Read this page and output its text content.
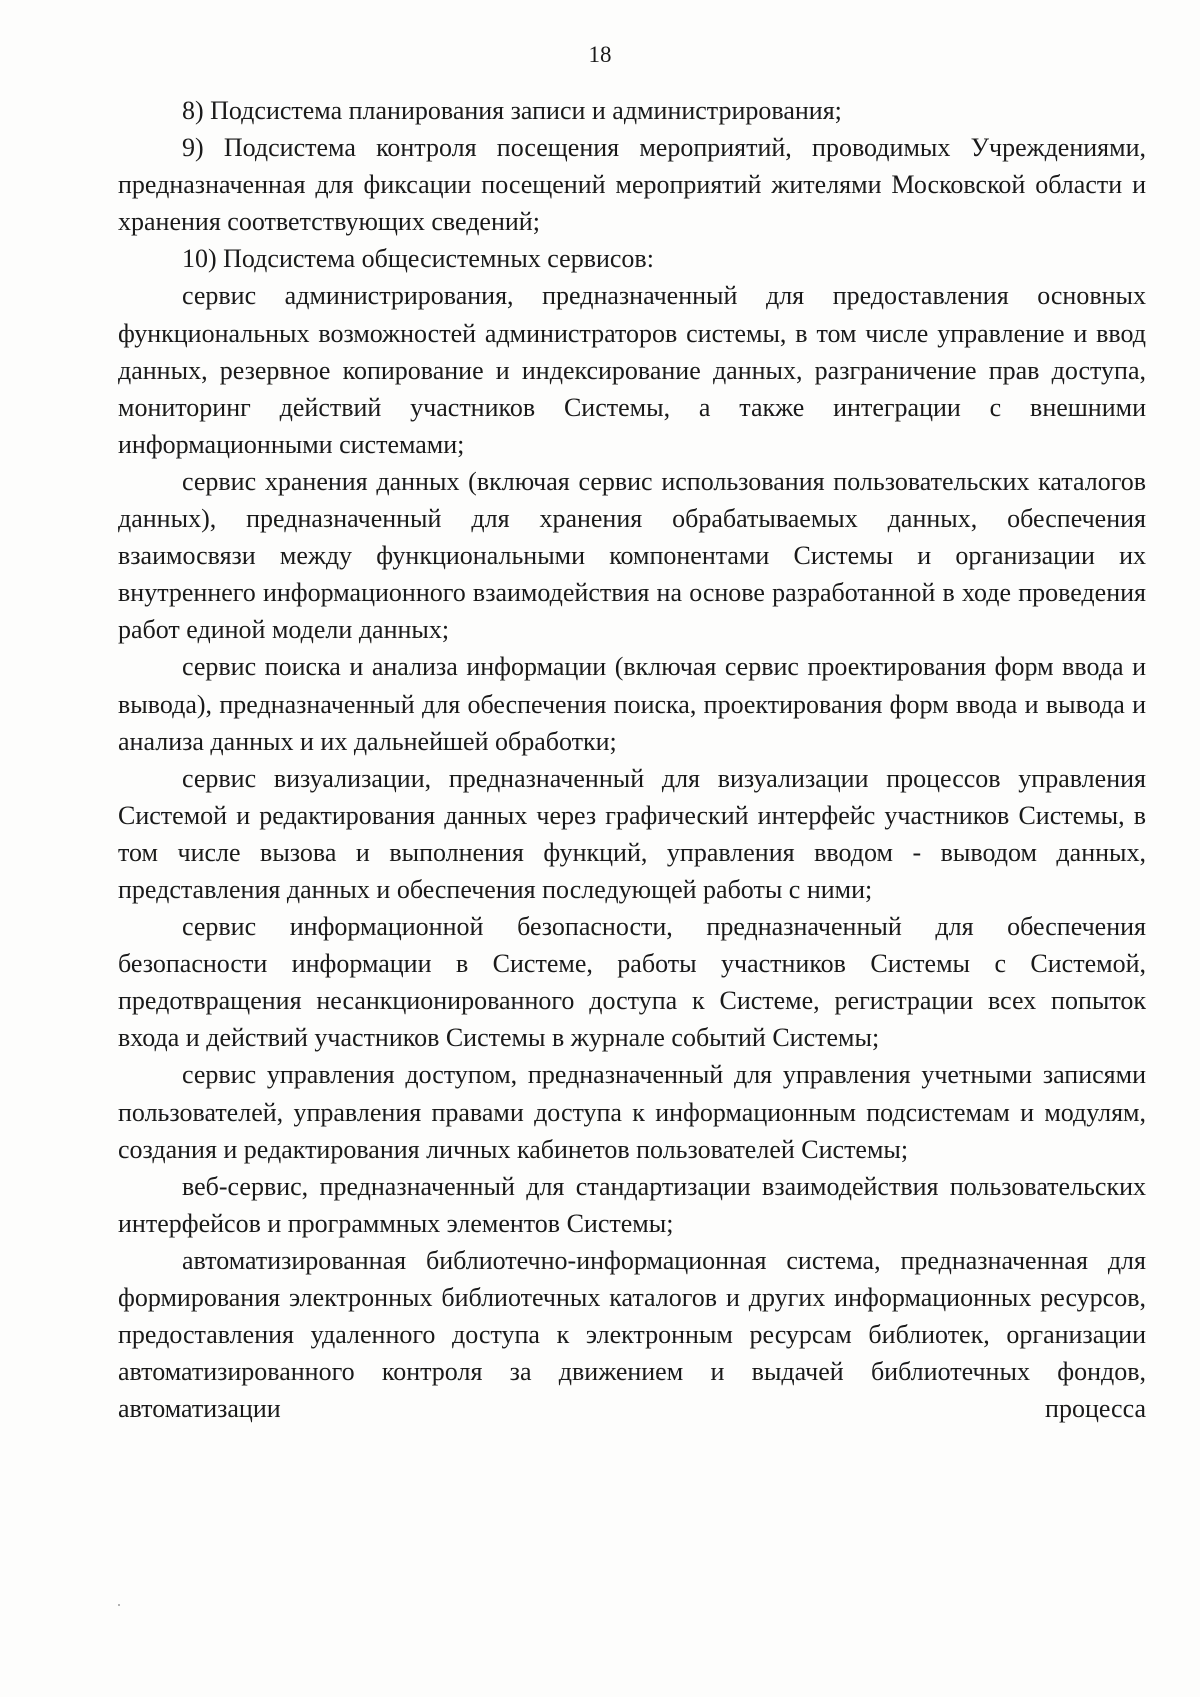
18

8) Подсистема планирования записи и администрирования;

9) Подсистема контроля посещения мероприятий, проводимых Учреждениями, предназначенная для фиксации посещений мероприятий жителями Московской области и хранения соответствующих сведений;

10) Подсистема общесистемных сервисов:

сервис администрирования, предназначенный для предоставления основных функциональных возможностей администраторов системы, в том числе управление и ввод данных, резервное копирование и индексирование данных, разграничение прав доступа, мониторинг действий участников Системы, а также интеграции с внешними информационными системами;

сервис хранения данных (включая сервис использования пользовательских каталогов данных), предназначенный для хранения обрабатываемых данных, обеспечения взаимосвязи между функциональными компонентами Системы и организации их внутреннего информационного взаимодействия на основе разработанной в ходе проведения работ единой модели данных;

сервис поиска и анализа информации (включая сервис проектирования форм ввода и вывода), предназначенный для обеспечения поиска, проектирования форм ввода и вывода и анализа данных и их дальнейшей обработки;

сервис визуализации, предназначенный для визуализации процессов управления Системой и редактирования данных через графический интерфейс участников Системы, в том числе вызова и выполнения функций, управления вводом - выводом данных, представления данных и обеспечения последующей работы с ними;

сервис информационной безопасности, предназначенный для обеспечения безопасности информации в Системе, работы участников Системы с Системой, предотвращения несанкционированного доступа к Системе, регистрации всех попыток входа и действий участников Системы в журнале событий Системы;

сервис управления доступом, предназначенный для управления учетными записями пользователей, управления правами доступа к информационным подсистемам и модулям, создания и редактирования личных кабинетов пользователей Системы;

веб-сервис, предназначенный для стандартизации взаимодействия пользовательских интерфейсов и программных элементов Системы;

автоматизированная библиотечно-информационная система, предназначенная для формирования электронных библиотечных каталогов и других информационных ресурсов, предоставления удаленного доступа к электронным ресурсам библиотек, организации автоматизированного контроля за движением и выдачей библиотечных фондов, автоматизации процесса
